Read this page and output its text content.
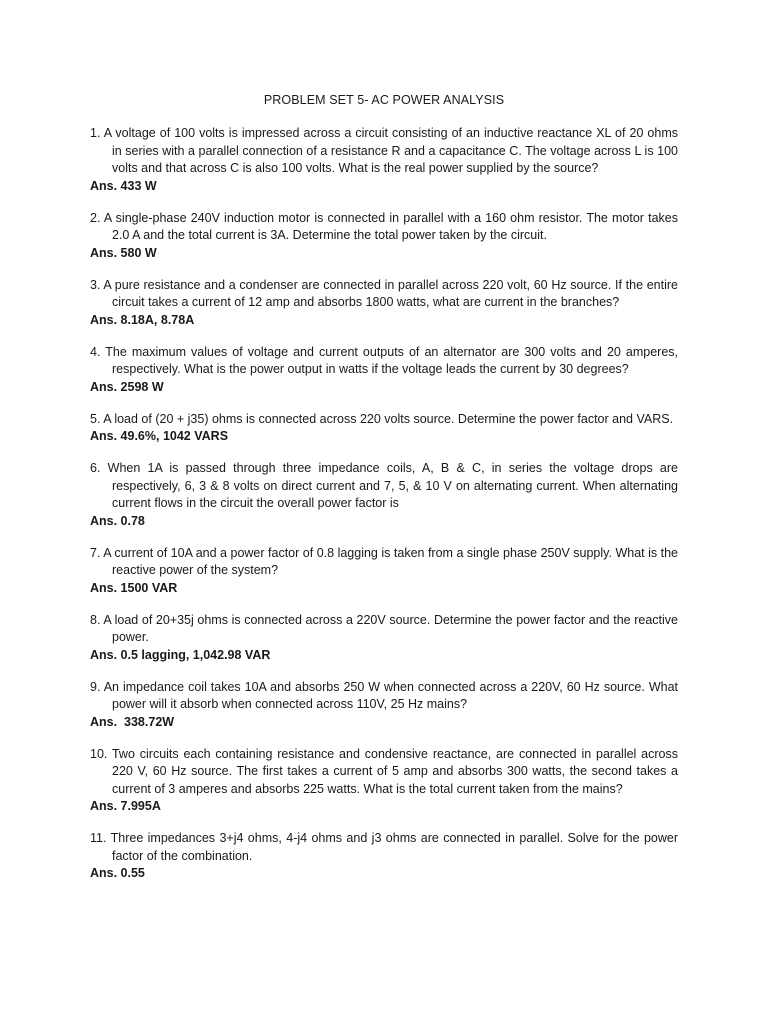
PROBLEM SET 5- AC POWER ANALYSIS
1. A voltage of 100 volts is impressed across a circuit consisting of an inductive reactance XL of 20 ohms in series with a parallel connection of a resistance R and a capacitance C. The voltage across L is 100 volts and that across C is also 100 volts. What is the real power supplied by the source?
Ans. 433 W
2. A single-phase 240V induction motor is connected in parallel with a 160 ohm resistor. The motor takes 2.0 A and the total current is 3A. Determine the total power taken by the circuit.
Ans. 580 W
3. A pure resistance and a condenser are connected in parallel across 220 volt, 60 Hz source. If the entire circuit takes a current of 12 amp and absorbs 1800 watts, what are current in the branches?
Ans. 8.18A, 8.78A
4. The maximum values of voltage and current outputs of an alternator are 300 volts and 20 amperes, respectively. What is the power output in watts if the voltage leads the current by 30 degrees?
Ans. 2598 W
5. A load of (20 + j35) ohms is connected across 220 volts source. Determine the power factor and VARS.
Ans. 49.6%, 1042 VARS
6. When 1A is passed through three impedance coils, A, B & C, in series the voltage drops are respectively, 6, 3 & 8 volts on direct current and 7, 5, & 10 V on alternating current. When alternating current flows in the circuit the overall power factor is
Ans. 0.78
7. A current of 10A and a power factor of 0.8 lagging is taken from a single phase 250V supply. What is the reactive power of the system?
Ans. 1500 VAR
8. A load of 20+35j ohms is connected across a 220V source. Determine the power factor and the reactive power.
Ans. 0.5 lagging, 1,042.98 VAR
9. An impedance coil takes 10A and absorbs 250 W when connected across a 220V, 60 Hz source. What power will it absorb when connected across 110V, 25 Hz mains?
Ans.  338.72W
10. Two circuits each containing resistance and condensive reactance, are connected in parallel across 220 V, 60 Hz source. The first takes a current of 5 amp and absorbs 300 watts, the second takes a current of 3 amperes and absorbs 225 watts. What is the total current taken from the mains?
Ans. 7.995A
11. Three impedances 3+j4 ohms, 4-j4 ohms and j3 ohms are connected in parallel. Solve for the power factor of the combination.
Ans. 0.55
